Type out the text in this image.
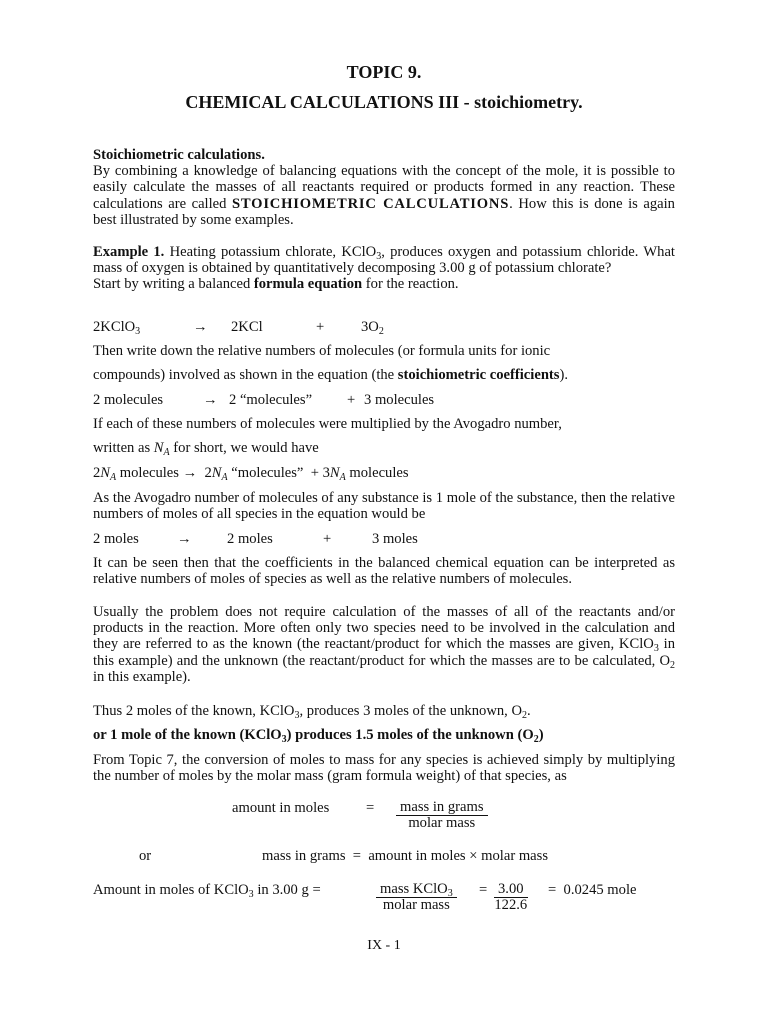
TOPIC 9.
CHEMICAL CALCULATIONS III - stoichiometry.
Stoichiometric calculations.
By combining a knowledge of balancing equations with the concept of the mole, it is possible to easily calculate the masses of all reactants required or products formed in any reaction. These calculations are called STOICHIOMETRIC CALCULATIONS. How this is done is again best illustrated by some examples.
Example 1. Heating potassium chlorate, KClO$_3$, produces oxygen and potassium chloride. What mass of oxygen is obtained by quantitatively decomposing 3.00 g of potassium chlorate?
Start by writing a balanced formula equation for the reaction.
2KClO$_3$	→ 2KCl	+	$3O_2$
Then write down the relative numbers of molecules (or formula units for ionic
compounds) involved as shown in the equation (the stoichiometric coefficients).
2 molecules	→ 2 “molecules” + 3 molecules
If each of these numbers of molecules were multiplied by the Avogadro number,
written as $N_A$ for short, we would have
$2N_A$ molecules →  $2N_A$ “molecules”  + $3N_A$ molecules
As the Avogadro number of molecules of any substance is 1 mole of the substance, then the relative numbers of moles of all species in the equation would be
2 moles	→ 2 moles	+	3 moles
It can be seen then that the coefficients in the balanced chemical equation can be interpreted as relative numbers of moles of species as well as the relative numbers of molecules.
Usually the problem does not require calculation of the masses of all of the reactants and/or products in the reaction. More often only two species need to be involved in the calculation and they are referred to as the known (the reactant/product for which the masses are given, KClO$_3$ in this example) and the unknown (the reactant/product for which the masses are to be calculated, $O_2$ in this example).
Thus 2 moles of the known, KClO$_3$, produces 3 moles of the unknown, $O_2$.
or 1 mole of the known (KClO$_3$) produces 1.5 moles of the unknown $(O_2)$
From Topic 7, the conversion of moles to mass for any species is achieved simply by multiplying the number of moles by the molar mass (gram formula weight) of that species, as
amount in moles	= mass in grams
molar mass
or	mass in grams  =  amount in moles × molar mass
Amount in moles of KClO$_3$ in 3.00 g =	mass KClO$_3$
molar mass
= $\frac{3.00}{122.6} = 0.0245$ mole
IX - 1
